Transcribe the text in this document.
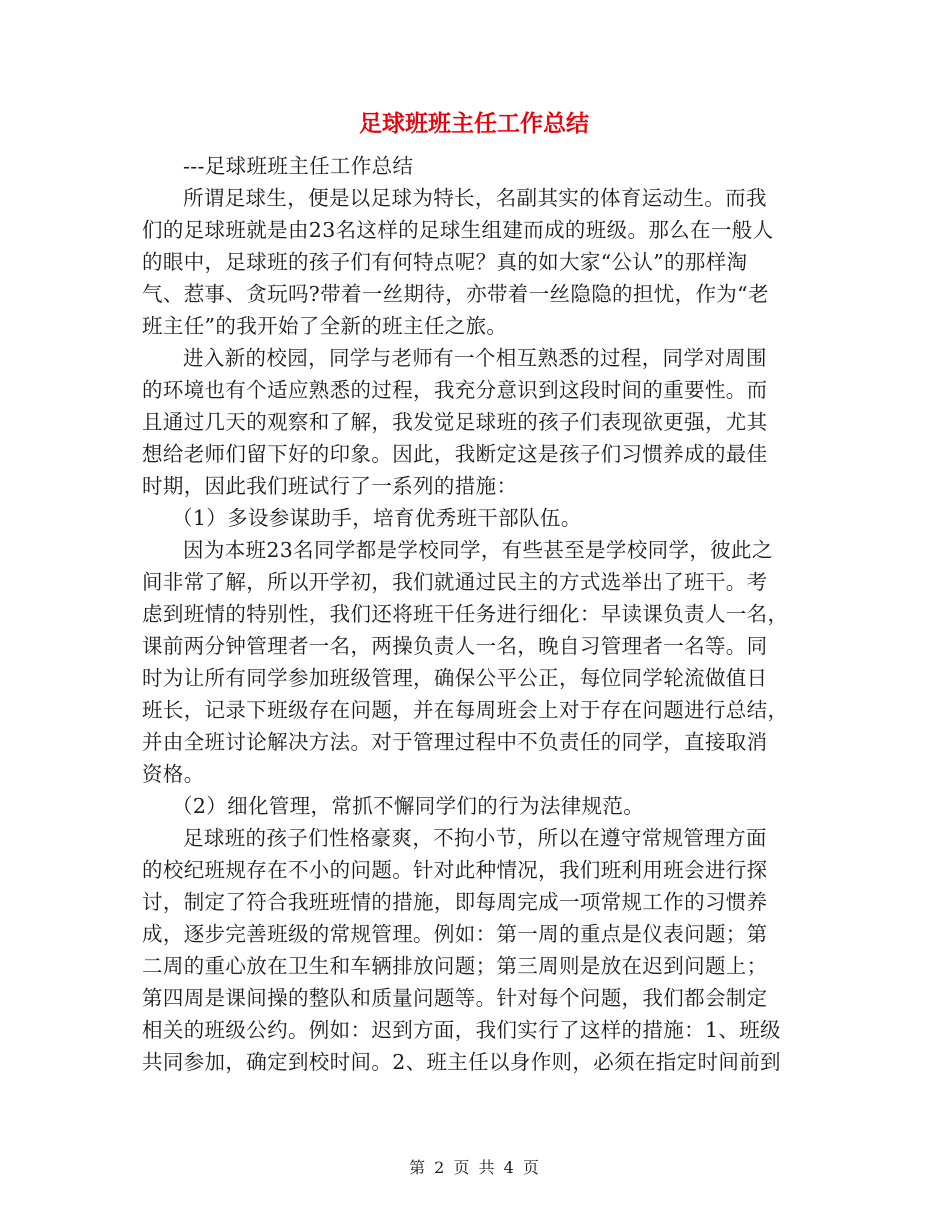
足球班班主任工作总结
---足球班班主任工作总结
所谓足球生，便是以足球为特长，名副其实的体育运动生。而我
们的足球班就是由23名这样的足球生组建而成的班级。那么在一般人
的眼中，足球班的孩子们有何特点呢？真的如大家“公认”的那样淘
气、惹事、贪玩吗?带着一丝期待，亦带着一丝隐隐的担忧，作为“老
班主任”的我开始了全新的班主任之旅。
进入新的校园，同学与老师有一个相互熟悉的过程，同学对周围
的环境也有个适应熟悉的过程，我充分意识到这段时间的重要性。而
且通过几天的观察和了解，我发觉足球班的孩子们表现欲更强，尤其
想给老师们留下好的印象。因此，我断定这是孩子们习惯养成的最佳
时期，因此我们班试行了一系列的措施：
（1）多设参谋助手，培育优秀班干部队伍。
因为本班23名同学都是学校同学，有些甚至是学校同学，彼此之
间非常了解，所以开学初，我们就通过民主的方式选举出了班干。考
虑到班情的特别性，我们还将班干任务进行细化：早读课负责人一名，
课前两分钟管理者一名，两操负责人一名，晚自习管理者一名等。同
时为让所有同学参加班级管理，确保公平公正，每位同学轮流做值日
班长，记录下班级存在问题，并在每周班会上对于存在问题进行总结，
并由全班讨论解决方法。对于管理过程中不负责任的同学，直接取消
资格。
（2）细化管理，常抓不懈同学们的行为法律规范。
足球班的孩子们性格豪爽，不拘小节，所以在遵守常规管理方面
的校纪班规存在不小的问题。针对此种情况，我们班利用班会进行探
讨，制定了符合我班班情的措施，即每周完成一项常规工作的习惯养
成，逐步完善班级的常规管理。例如：第一周的重点是仪表问题；第
二周的重心放在卫生和车辆排放问题；第三周则是放在迟到问题上；
第四周是课间操的整队和质量问题等。针对每个问题，我们都会制定
相关的班级公约。例如：迟到方面，我们实行了这样的措施：1、班级
共同参加，确定到校时间。2、班主任以身作则，必须在指定时间前到
第 2 页 共 4 页
